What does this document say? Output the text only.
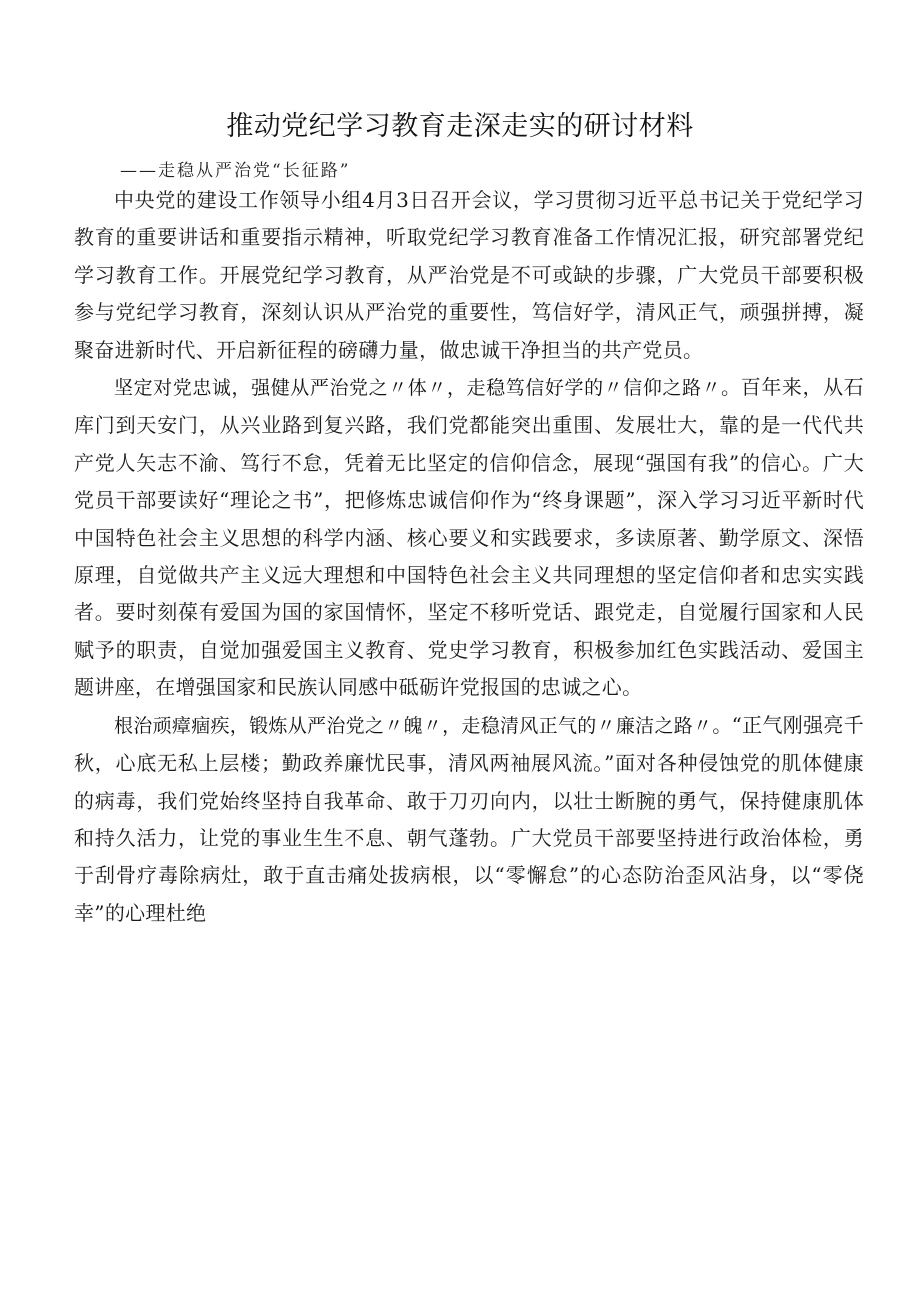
推动党纪学习教育走深走实的研讨材料

——走稳从严治党“长征路”

中央党的建设工作领导小组4月3日召开会议，学习贯彻习近平总书记关于党纪学习教育的重要讲话和重要指示精神，听取党纪学习教育准备工作情况汇报，研究部署党纪学习教育工作。开展党纪学习教育，从严治党是不可或缺的步骤，广大党员干部要积极参与党纪学习教育，深刻认识从严治党的重要性，笃信好学，清风正气，顽强拼搏，凝聚奋进新时代、开启新征程的磅礴力量，做忠诚干净担当的共产党员。

坚定对党忠诚，强健从严治党之〃体〃，走稳笃信好学的〃信仰之路〃。百年来，从石库门到天安门，从兴业路到复兴路，我们党都能突出重围、发展壮大，靠的是一代代共产党人矢志不渝、笃行不怠，凭着无比坚定的信仰信念，展现“强国有我”的信心。广大党员干部要读好“理论之书”，把修炼忠诚信仰作为“终身课题”，深入学习习近平新时代中国特色社会主义思想的科学内涵、核心要义和实践要求，多读原著、勤学原文、深悟原理，自觉做共产主义远大理想和中国特色社会主义共同理想的坚定信仰者和忠实实践者。要时刻葆有爱国为国的家国情怀，坚定不移听党话、跟党走，自觉履行国家和人民赋予的职责，自觉加强爱国主义教育、党史学习教育，积极参加红色实践活动、爱国主题讲座，在增强国家和民族认同感中砥砺许党报国的忠诚之心。

根治顽瘴痼疾，锻炼从严治党之〃魄〃，走稳清风正气的〃廉洁之路〃。“正气刚强亮千秋，心底无私上层楼；勤政养廉忧民事，清风两袖展风流。”面对各种侵蚀党的肌体健康的病毒，我们党始终坚持自我革命、敢于刀刃向内，以壮士断腕的勇气，保持健康肌体和持久活力，让党的事业生生不息、朝气蓬勃。广大党员干部要坚持进行政治体检，勇于刮骨疗毒除病灶，敢于直击痛处拔病根，以“零懈怠”的心态防治歪风沾身，以“零侥幸”的心理杜绝
